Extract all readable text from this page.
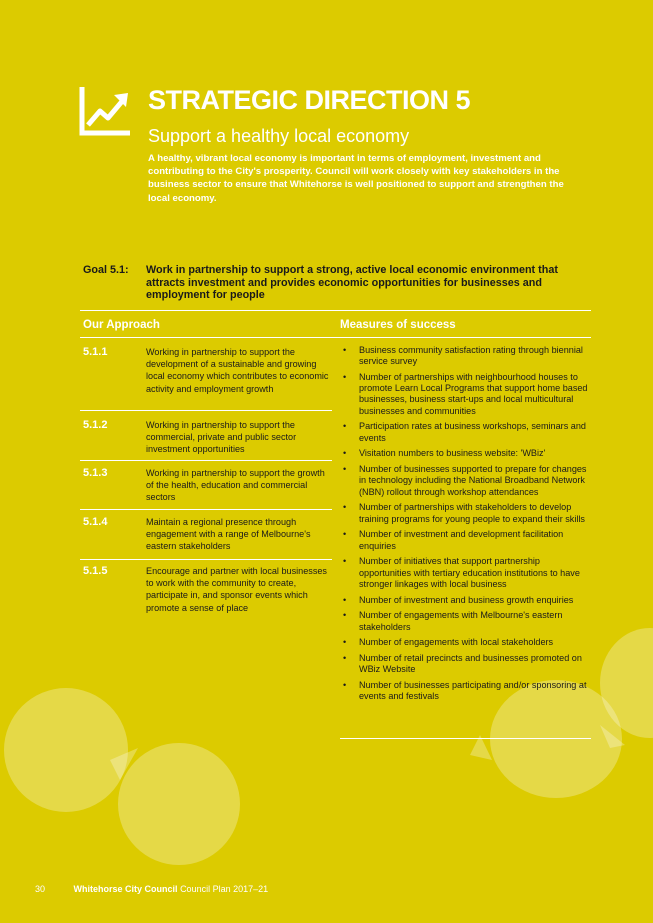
STRATEGIC DIRECTION 5
Support a healthy local economy
A healthy, vibrant local economy is important in terms of employment, investment and contributing to the City's prosperity. Council will work closely with key stakeholders in the business sector to ensure that Whitehorse is well positioned to support and strengthen the local economy.
Goal 5.1: Work in partnership to support a strong, active local economic environment that attracts investment and provides economic opportunities for businesses and employment for people
Our Approach	Measures of success
5.1.1	Working in partnership to support the development of a sustainable and growing local economy which contributes to economic activity and employment growth
5.1.2	Working in partnership to support the commercial, private and public sector investment opportunities
5.1.3	Working in partnership to support the growth of the health, education and commercial sectors
5.1.4	Maintain a regional presence through engagement with a range of Melbourne's eastern stakeholders
5.1.5	Encourage and partner with local businesses to work with the community to create, participate in, and sponsor events which promote a sense of place
• Business community satisfaction rating through biennial service survey
• Number of partnerships with neighbourhood houses to promote Learn Local Programs that support home based businesses, business start-ups and local multicultural businesses and communities
• Participation rates at business workshops, seminars and events
• Visitation numbers to business website: 'WBiz'
• Number of businesses supported to prepare for changes in technology including the National Broadband Network (NBN) rollout through workshop attendances
• Number of partnerships with stakeholders to develop training programs for young people to expand their skills
• Number of investment and development facilitation enquiries
• Number of initiatives that support partnership opportunities with tertiary education institutions to have stronger linkages with local business
• Number of investment and business growth enquiries
• Number of engagements with Melbourne's eastern stakeholders
• Number of engagements with local stakeholders
• Number of retail precincts and businesses promoted on WBiz Website
• Number of businesses participating and/or sponsoring at events and festivals
30	Whitehorse City Council Council Plan 2017–21
